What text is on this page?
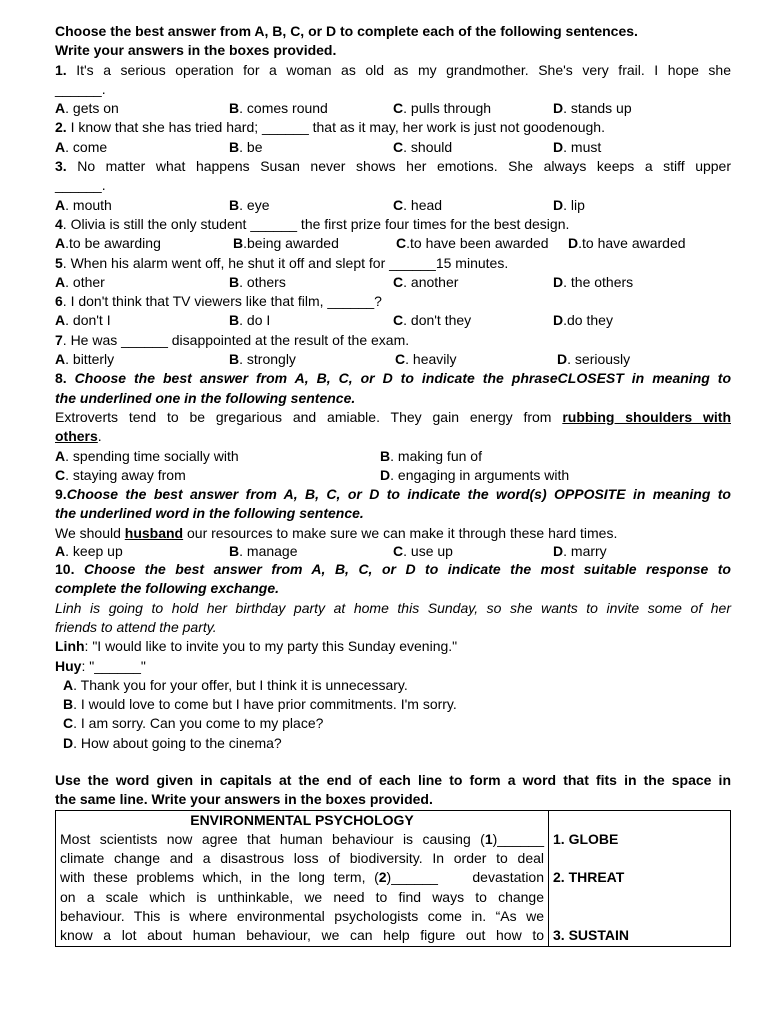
Choose the best answer from A, B, C, or D to complete each of the following sentences.
Write your answers in the boxes provided.
1. It's a serious operation for a woman as old as my grandmother. She's very frail. I hope she
______.
A. gets on	B. comes round	C. pulls through	D. stands up
2. I know that she has tried hard; ______ that as it may, her work is just not goodenough.
A. come	B. be	C. should	D. must
3. No matter what happens Susan never shows her emotions. She always keeps a stiff upper
______.
A. mouth	B. eye	C. head	D. lip
4. Olivia is still the only student ______ the first prize four times for the best design.
A.to be awarding	B.being awarded	C.to have been awarded D.to have awarded
5. When his alarm went off, he shut it off and slept for ______15 minutes.
A. other	B. others	C. another	D. the others
6. I don't think that TV viewers like that film, ______?
A. don't I	B. do I	C. don't they	D.do they
7. He was ______ disappointed at the result of the exam.
A. bitterly	B. strongly	C. heavily	D. seriously
8. Choose the best answer from A, B, C, or D to indicate the phraseCLOSEST in meaning to
the underlined one in the following sentence.
Extroverts tend to be gregarious and amiable. They gain energy from rubbing shoulders with
others.
A. spending time socially with	B. making fun of
C. staying away from	D. engaging in arguments with
9.Choose the best answer from A, B, C, or D to indicate the word(s) OPPOSITE in meaning to
the underlined word in the following sentence.
We should husband our resources to make sure we can make it through these hard times.
A. keep up	B. manage	C. use up	D. marry
10. Choose the best answer from A, B, C, or D to indicate the most suitable response to
complete the following exchange.
Linh is going to hold her birthday party at home this Sunday, so she wants to invite some of her
friends to attend the party.
Linh: "I would like to invite you to my party this Sunday evening."
Huy: "______"
A. Thank you for your offer, but I think it is unnecessary.
B. I would love to come but I have prior commitments. I'm sorry.
C. I am sorry. Can you come to my place?
D. How about going to the cinema?
Use the word given in capitals at the end of each line to form a word that fits in the space in
the same line. Write your answers in the boxes provided.
ENVIRONMENTAL PSYCHOLOGY
Most scientists now agree that human behaviour is causing (1)______
climate change and a disastrous loss of biodiversity. In order to deal
with these problems which, in the long term, (2)______    devastation
on a scale which is unthinkable, we need to find ways to change
behaviour. This is where environmental psychologists come in. “As we
know a lot about human behaviour, we can help figure out how to

1. GLOBE
2. THREAT
3. SUSTAIN
